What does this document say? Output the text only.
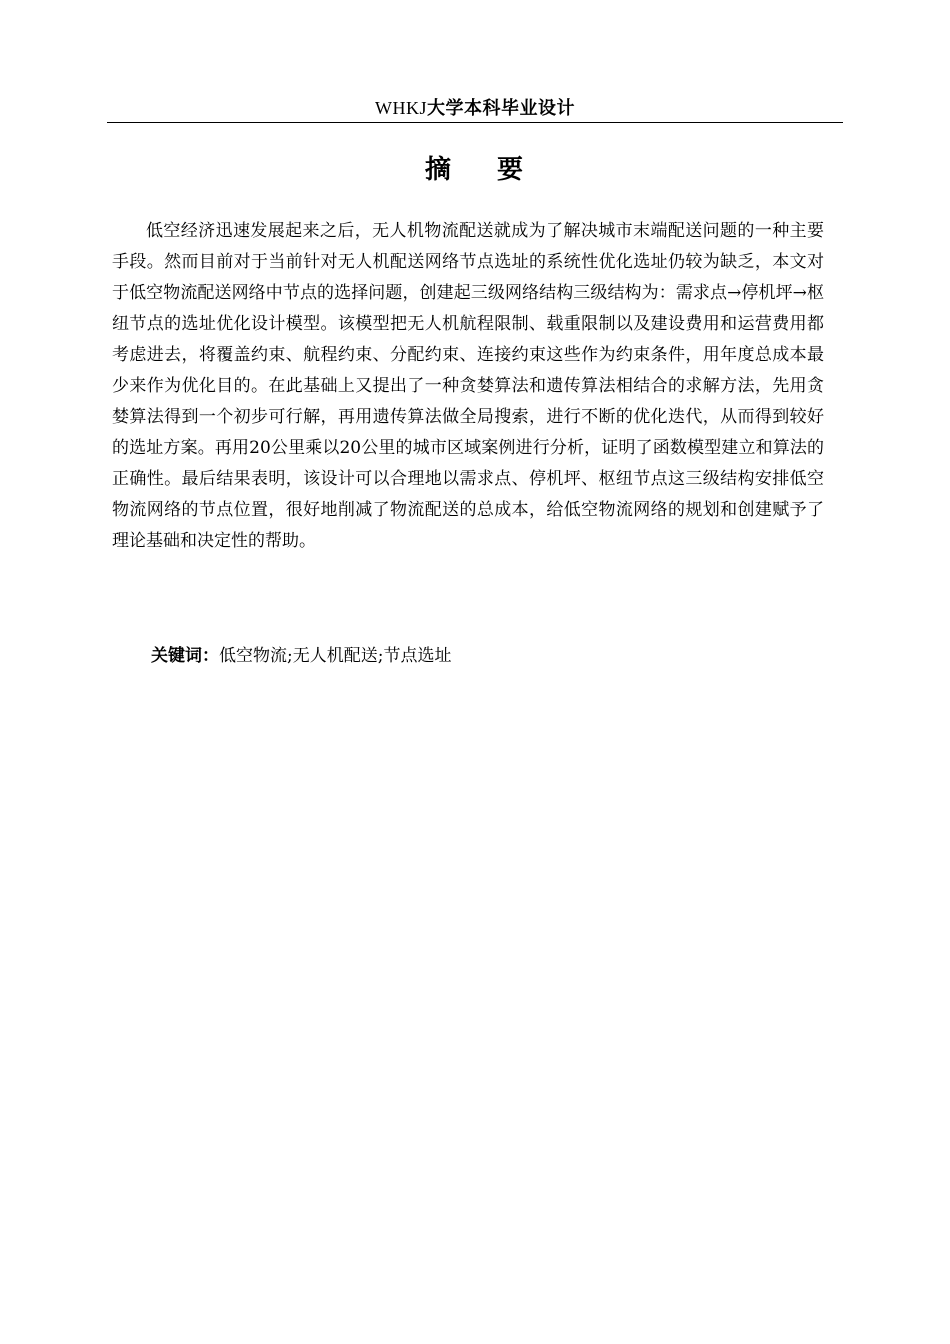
WHKJ大学本科毕业设计
摘 要

低空经济迅速发展起来之后，无人机物流配送就成为了解决城市末端配送问题的一种主要手段。然而目前对于当前针对无人机配送网络节点选址的系统性优化选址仍较为缺乏，本文对于低空物流配送网络中节点的选择问题，创建起三级网络结构三级结构为：需求点→停机坪→枢纽节点的选址优化设计模型。该模型把无人机航程限制、载重限制以及建设费用和运营费用都考虑进去，将覆盖约束、航程约束、分配约束、连接约束这些作为约束条件，用年度总成本最少来作为优化目的。在此基础上又提出了一种贪婪算法和遗传算法相结合的求解方法，先用贪婪算法得到一个初步可行解，再用遗传算法做全局搜索，进行不断的优化迭代，从而得到较好的选址方案。再用20公里乘以20公里的城市区域案例进行分析，证明了函数模型建立和算法的正确性。最后结果表明，该设计可以合理地以需求点、停机坪、枢纽节点这三级结构安排低空物流网络的节点位置，很好地削减了物流配送的总成本，给低空物流网络的规划和创建赋予了理论基础和决定性的帮助。

关键词：低空物流;无人机配送;节点选址
